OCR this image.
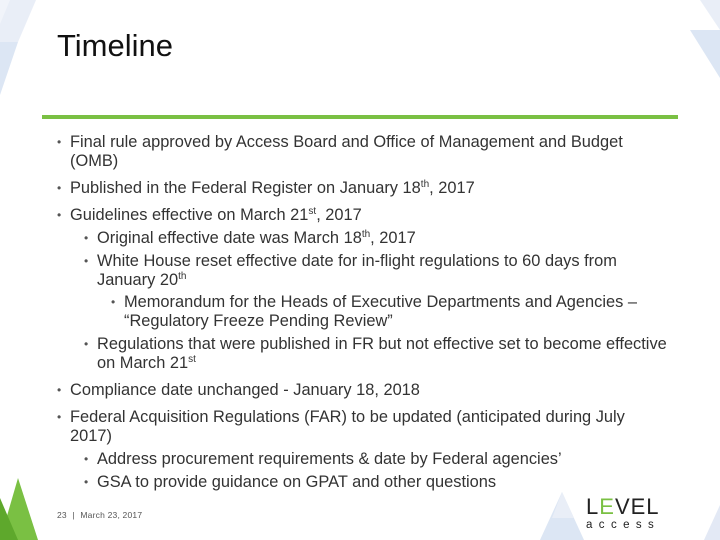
Timeline
• Final rule approved by Access Board and Office of Management and Budget (OMB)
• Published in the Federal Register on January 18th, 2017
• Guidelines effective on March 21st, 2017
• Original effective date was March 18th, 2017
• White House reset effective date for in-flight regulations to 60 days from January 20th
• Memorandum for the Heads of Executive Departments and Agencies – “Regulatory Freeze Pending Review”
• Regulations that were published in FR but not effective set to become effective on March 21st
• Compliance date unchanged - January 18, 2018
• Federal Acquisition Regulations (FAR) to be updated (anticipated during July 2017)
• Address procurement requirements & date by Federal agencies’
• GSA to provide guidance on GPAT and other questions
23 | March 23, 2017	LEVEL
access
